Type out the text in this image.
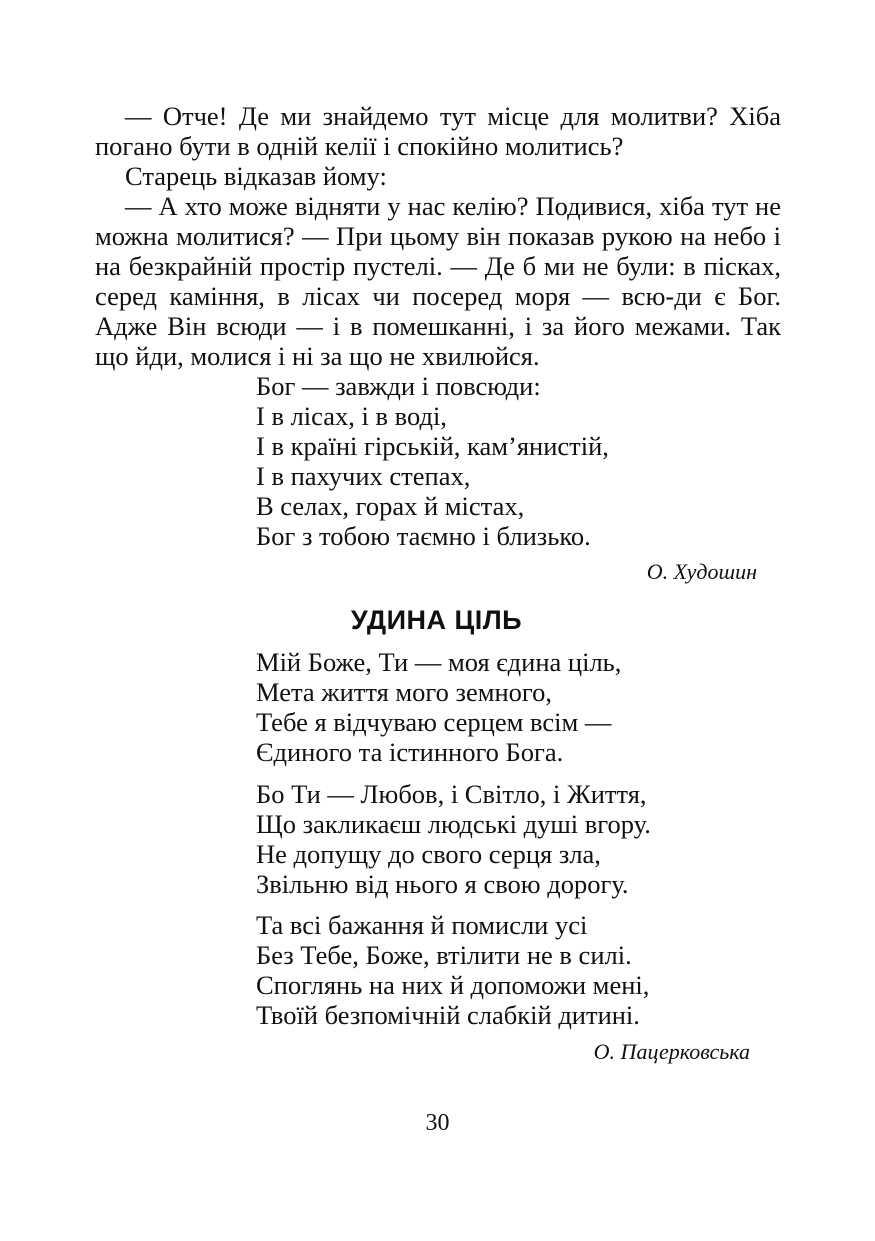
— Отче! Де ми знайдемо тут місце для молитви? Хіба погано бути в одній келії і спокійно молитись?

Старець відказав йому:

— А хто може відняти у нас келію? Подивися, хіба тут не можна молитися? — При цьому він показав рукою на небо і на безкрайній простір пустелі. — Де б ми не були: в пісках, серед каміння, в лісах чи посеред моря — всю-ди є Бог. Адже Він всюди — і в помешканні, і за його межами. Так що йди, молися і ні за що не хвилюйся.

Бог — завжди і повсюди:
І в лісах, і в воді,
І в країні гірській, кам’янистій,
І в пахучих степах,
В селах, горах й містах,
Бог з тобою таємно і близько.
О. Худошин
УДИНА ЦІЛЬ
Мій Боже, Ти — моя єдина ціль,
Мета життя мого земного,
Тебе я відчуваю серцем всім —
Єдиного та істинного Бога.
Бо Ти — Любов, і Світло, і Життя,
Що закликаєш людські душі вгору.
Не допущу до свого серця зла,
Звільню від нього я свою дорогу.
Та всі бажання й помисли усі
Без Тебе, Боже, втілити не в силі.
Споглянь на них й допоможи мені,
Твоїй безпомічній слабкій дитині.
О. Пацерковська
30
